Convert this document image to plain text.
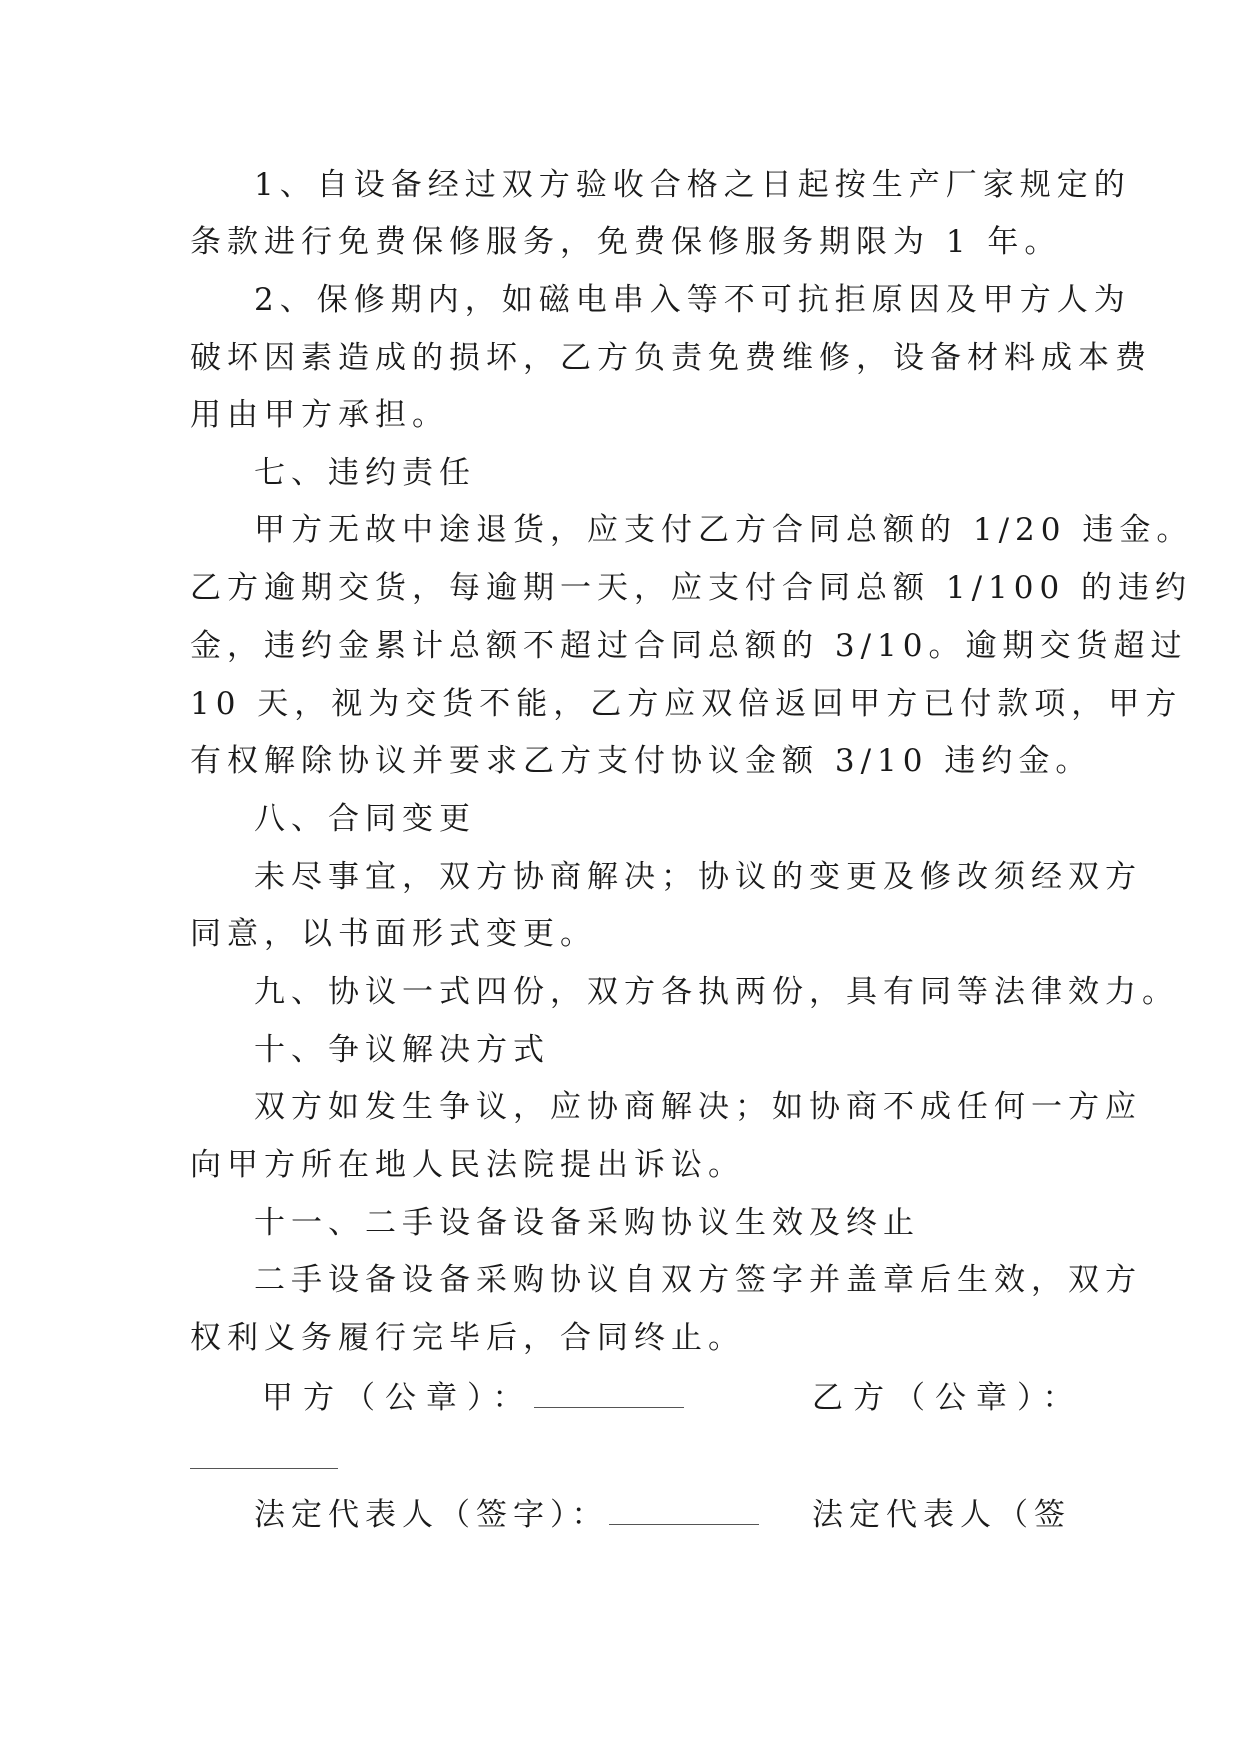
1、自设备经过双方验收合格之日起按生产厂家规定的
条款进行免费保修服务，免费保修服务期限为 1 年。
2、保修期内，如磁电串入等不可抗拒原因及甲方人为
破坏因素造成的损坏，乙方负责免费维修，设备材料成本费
用由甲方承担。
七、违约责任
甲方无故中途退货，应支付乙方合同总额的 1/20 违金。
乙方逾期交货，每逾期一天，应支付合同总额 1/100 的违约
金，违约金累计总额不超过合同总额的 3/10。逾期交货超过
10 天，视为交货不能，乙方应双倍返回甲方已付款项，甲方
有权解除协议并要求乙方支付协议金额 3/10 违约金。
八、合同变更
未尽事宜，双方协商解决；协议的变更及修改须经双方
同意，以书面形式变更。
九、协议一式四份，双方各执两份，具有同等法律效力。
十、争议解决方式
双方如发生争议，应协商解决；如协商不成任何一方应
向甲方所在地人民法院提出诉讼。
十一、二手设备设备采购协议生效及终止
二手设备设备采购协议自双方签字并盖章后生效，双方
权利义务履行完毕后，合同终止。
甲方（公章）：	乙方（公章）：
法定代表人（签字）：	法定代表人（签
